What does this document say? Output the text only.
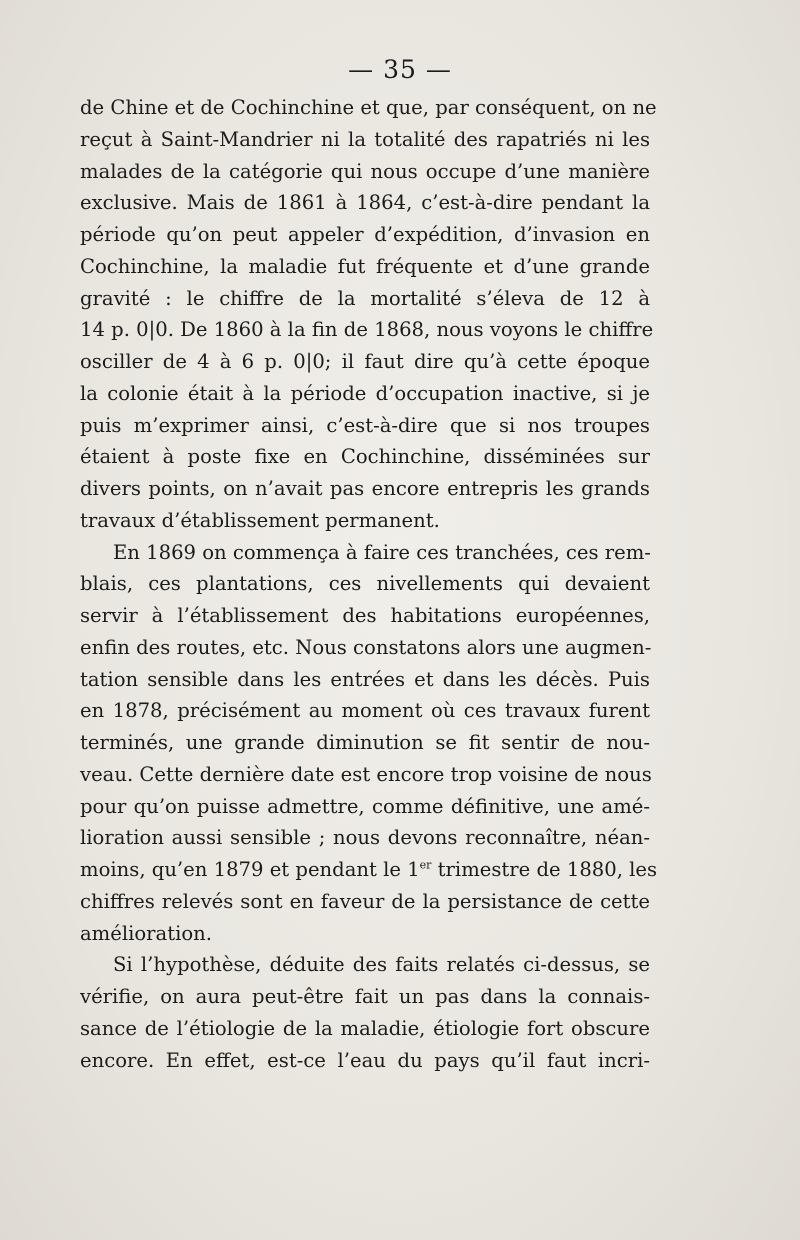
— 35 —
de Chine et de Cochinchine et que, par conséquent, on ne
reçut à Saint-Mandrier ni la totalité des rapatriés ni les
malades de la catégorie qui nous occupe d’une manière
exclusive. Mais de 1861 à 1864, c’est-à-dire pendant la
période qu’on peut appeler d’expédition, d’invasion en
Cochinchine, la maladie fut fréquente et d’une grande
gravité : le chiffre de la mortalité s’éleva de 12 à
14 p. 0|0. De 1860 à la fin de 1868, nous voyons le chiffre
osciller de 4 à 6 p. 0|0; il faut dire qu’à cette époque
la colonie était à la période d’occupation inactive, si je
puis m’exprimer ainsi, c’est-à-dire que si nos troupes
étaient à poste fixe en Cochinchine, disséminées sur
divers points, on n’avait pas encore entrepris les grands
travaux d’établissement permanent.
En 1869 on commença à faire ces tranchées, ces rem-
blais, ces plantations, ces nivellements qui devaient
servir à l’établissement des habitations européennes,
enfin des routes, etc. Nous constatons alors une augmen-
tation sensible dans les entrées et dans les décès. Puis
en 1878, précisément au moment où ces travaux furent
terminés, une grande diminution se fit sentir de nou-
veau. Cette dernière date est encore trop voisine de nous
pour qu’on puisse admettre, comme définitive, une amé-
lioration aussi sensible ; nous devons reconnaître, néan-
moins, qu’en 1879 et pendant le 1er trimestre de 1880, les
chiffres relevés sont en faveur de la persistance de cette
amélioration.
Si l’hypothèse, déduite des faits relatés ci-dessus, se
vérifie, on aura peut-être fait un pas dans la connais-
sance de l’étiologie de la maladie, étiologie fort obscure
encore. En effet, est-ce l’eau du pays qu’il faut incri-
